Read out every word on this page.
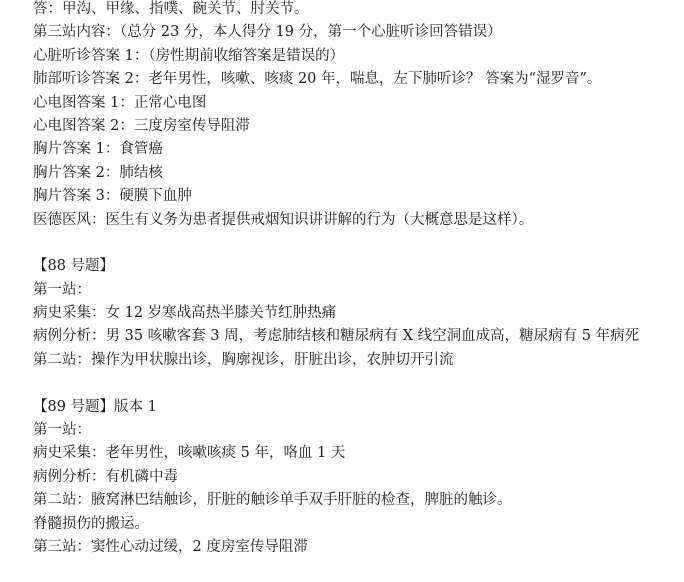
答：甲沟、甲缘、指噗、碗关节、肘关节。
第三站内容：（总分 23 分，本人得分 19 分，第一个心脏听诊回答错误）
心脏听诊答案 1：（房性期前收缩答案是错误的）
肺部听诊答案 2：老年男性，咳嗽、咳痰 20 年，喘息，左下肺听诊？ 答案为“湿罗音”。
心电图答案 1：正常心电图
心电图答案 2：三度房室传导阻滞
胸片答案 1：食管癌
胸片答案 2：肺结核
胸片答案 3：硬膜下血肿
医德医风：医生有义务为患者提供戒烟知识讲讲解的行为（大概意思是这样）。
【88 号题】
第一站：
病史采集：女 12 岁寒战高热半膝关节红肿热痛
病例分析：男 35 咳嗽客套 3 周，考虑肺结核和糖尿病有 X 线空洞血成高，糖尿病有 5 年病死
第二站：操作为甲状腺出诊，胸廓视诊，肝脏出诊，农肿切开引流
【89 号题】版本 1
第一站：
病史采集：老年男性，咳嗽咳痰 5 年，咯血 1 天
病例分析：有机磷中毒
第二站：腋窝淋巴结触诊，肝脏的触诊单手双手肝脏的检查，脾脏的触诊。
脊髓损伤的搬运。
第三站：窦性心动过缓，2 度房室传导阻滞
